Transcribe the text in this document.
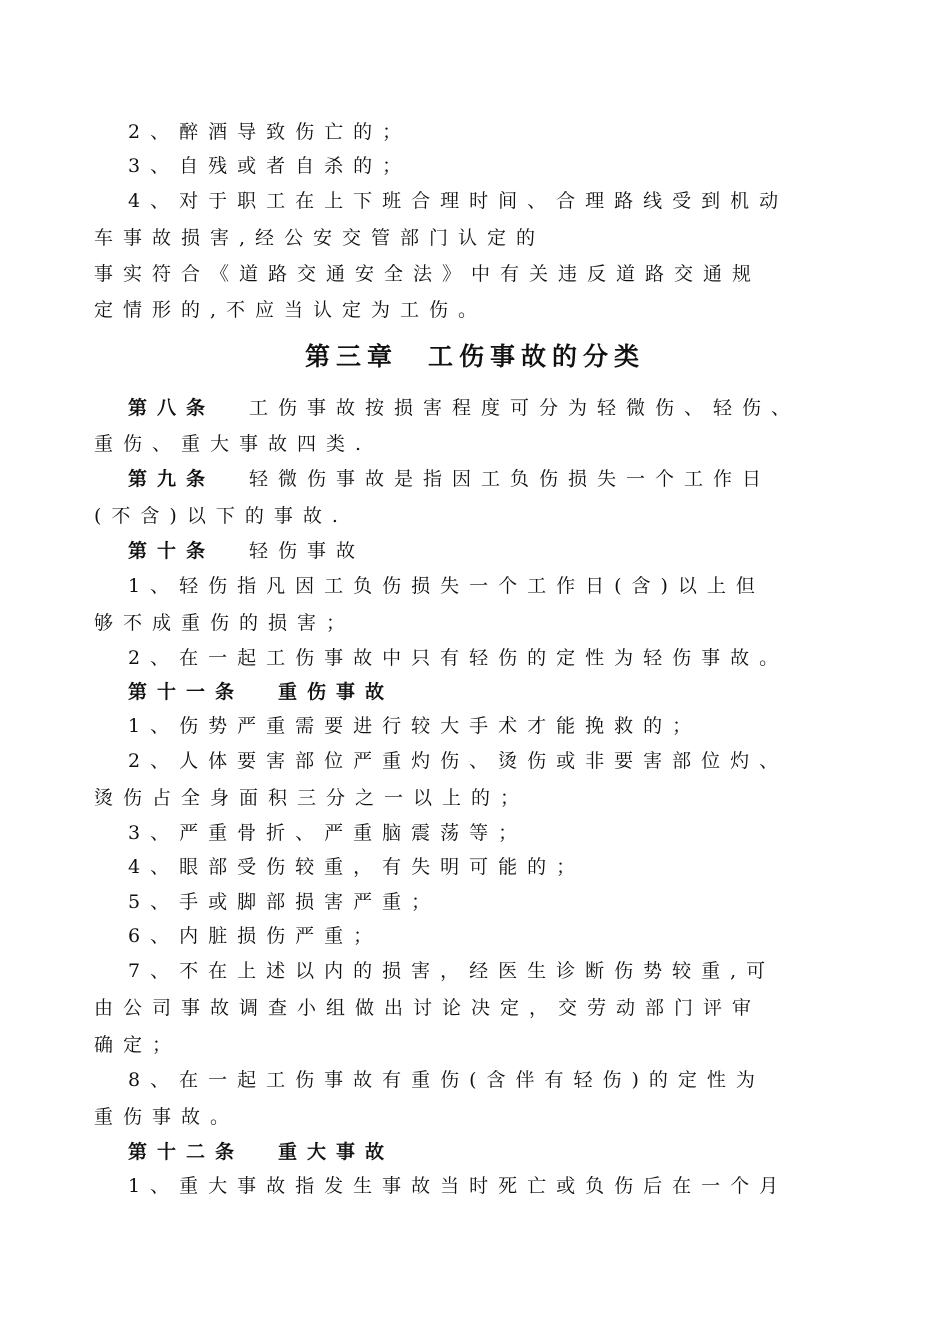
2、醉酒导致伤亡的；
3、自残或者自杀的；
4、对于职工在上下班合理时间、合理路线受到机动
车事故损害,经公安交管部门认定的
事实符合《道路交通安全法》中有关违反道路交通规
定情形的,不应当认定为工伤。
第三章 工伤事故的分类
第八条 工伤事故按损害程度可分为轻微伤、轻伤、
重伤、重大事故四类.
第九条 轻微伤事故是指因工负伤损失一个工作日
(不含)以下的事故.
第十条 轻伤事故
1、轻伤指凡因工负伤损失一个工作日(含)以上但
够不成重伤的损害；
2、在一起工伤事故中只有轻伤的定性为轻伤事故。
第十一条 重伤事故
1、伤势严重需要进行较大手术才能挽救的；
2、人体要害部位严重灼伤、烫伤或非要害部位灼、
烫伤占全身面积三分之一以上的；
3、严重骨折、严重脑震荡等；
4、眼部受伤较重，有失明可能的；
5、手或脚部损害严重；
6、内脏损伤严重；
7、不在上述以内的损害，经医生诊断伤势较重,可
由公司事故调查小组做出讨论决定，交劳动部门评审
确定；
8、在一起工伤事故有重伤(含伴有轻伤)的定性为
重伤事故。
第十二条 重大事故
1、重大事故指发生事故当时死亡或负伤后在一个月
